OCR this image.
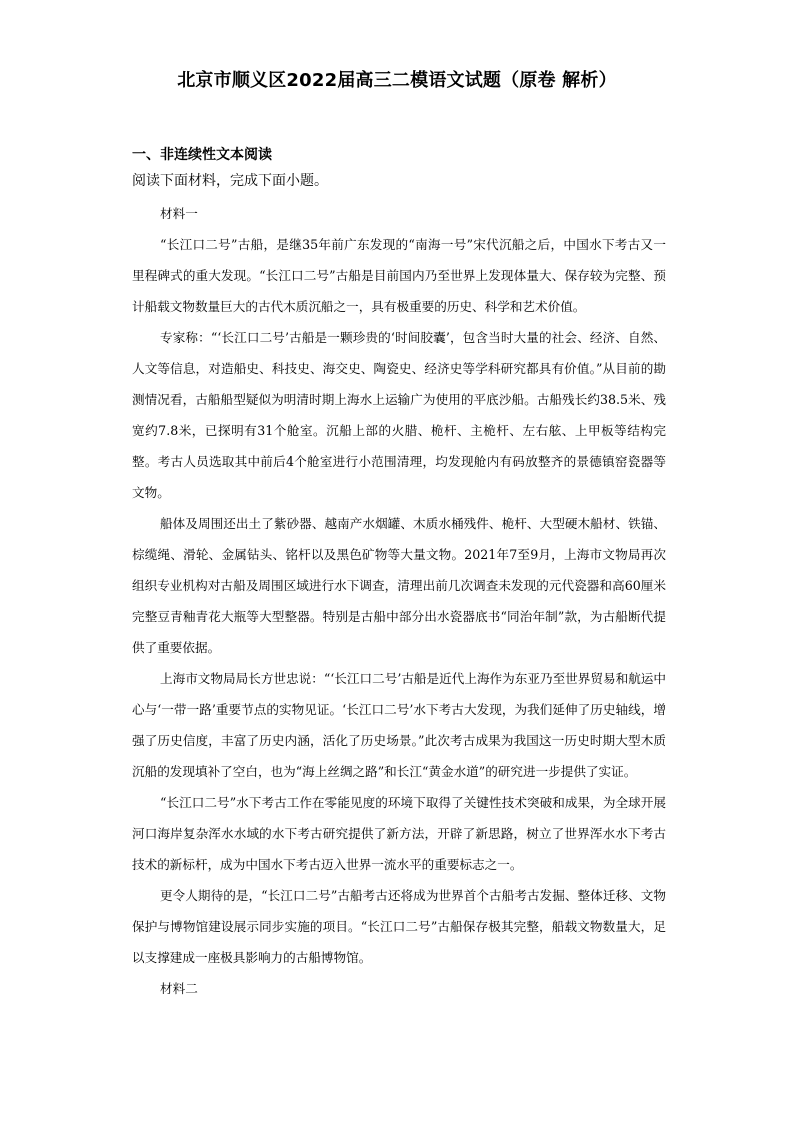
北京市顺义区2022届高三二模语文试题（原卷 解析）
一、非连续性文本阅读
阅读下面材料，完成下面小题。

材料一

“长江口二号”古船，是继35年前广东发现的“南海一号”宋代沉船之后，中国水下考古又一里程碑式的重大发现。“长江口二号”古船是目前国内乃至世界上发现体量大、保存较为完整、预计船载文物数量巨大的古代木质沉船之一，具有极重要的历史、科学和艺术价值。

专家称：“‘长江口二号’古船是一颗珍贵的‘时间胶囊’，包含当时大量的社会、经济、自然、人文等信息，对造船史、科技史、海交史、陶瓷史、经济史等学科研究都具有价值。”从目前的勘测情况看，古船船型疑似为明清时期上海水上运输广为使用的平底沙船。古船残长约38.5米、残宽约7.8米，已探明有31个舱室。沉船上部的火腊、桅杆、主桅杆、左右舷、上甲板等结构完整。考古人员选取其中前后4个舱室进行小范围清理，均发现舱内有码放整齐的景德镇窑瓷器等文物。

船体及周围还出土了紫砂器、越南产水烟罐、木质水桶残件、桅杆、大型硬木船材、铁锚、棕缆绳、滑轮、金属钻头、铭杆以及黑色矿物等大量文物。2021年7至9月，上海市文物局再次组织专业机构对古船及周围区域进行水下调查，清理出前几次调查未发现的元代瓷器和高60厘米完整豆青釉青花大瓶等大型整器。特别是古船中部分出水瓷器底书“同治年制”款，为古船断代提供了重要依据。

上海市文物局局长方世忠说：“‘长江口二号’古船是近代上海作为东亚乃至世界贸易和航运中心与‘一带一路’重要节点的实物见证。‘长江口二号’水下考古大发现，为我们延伸了历史轴线，增强了历史信度，丰富了历史内涵，活化了历史场景。”此次考古成果为我国这一历史时期大型木质沉船的发现填补了空白，也为“海上丝绸之路”和长江“黄金水道”的研究进一步提供了实证。

“长江口二号”水下考古工作在零能见度的环境下取得了关键性技术突破和成果，为全球开展河口海岸复杂浑水水域的水下考古研究提供了新方法，开辟了新思路，树立了世界浑水水下考古技术的新标杆，成为中国水下考古迈入世界一流水平的重要标志之一。

更令人期待的是，“长江口二号”古船考古还将成为世界首个古船考古发掘、整体迁移、文物保护与博物馆建设展示同步实施的项目。“长江口二号”古船保存极其完整，船载文物数量大，足以支撑建成一座极具影响力的古船博物馆。

材料二
